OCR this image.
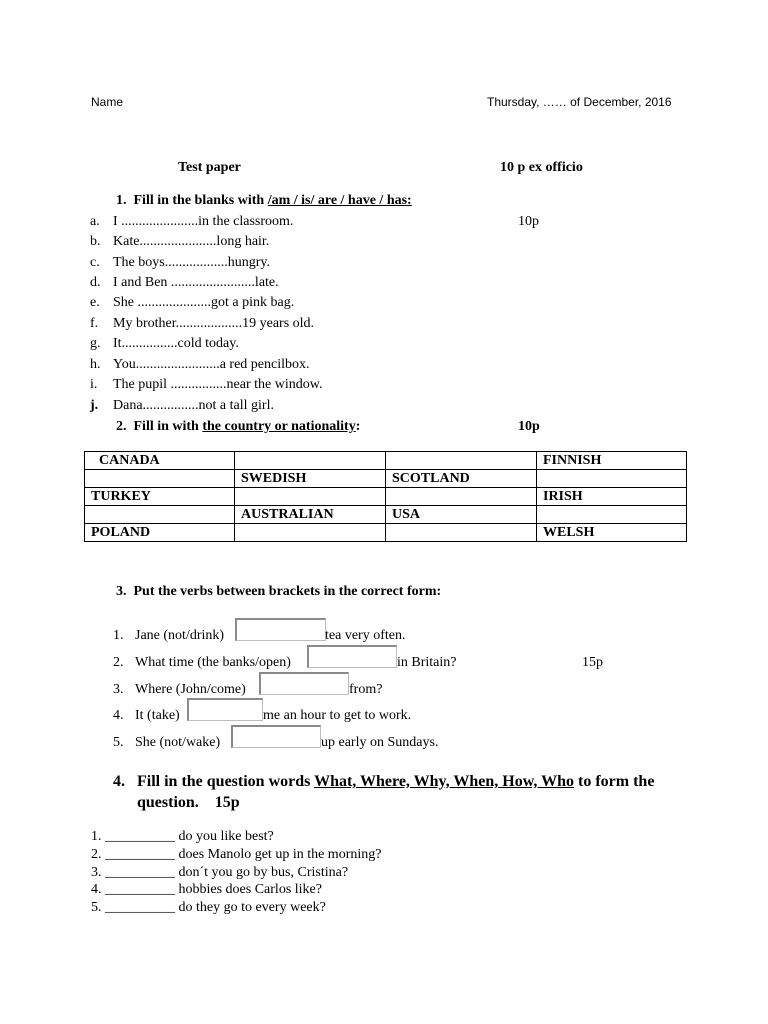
Name	Thursday, …… of December, 2016
Test paper	10 p ex officio
1. Fill in the blanks with /am / is/ are / have / has:
10p
a. I ......................in the classroom.
b. Kate......................long hair.
c. The boys..................hungry.
d. I and Ben ........................late.
e. She .....................got a pink bag.
f. My brother...................19 years old.
g. It................cold today.
h. You........................a red pencilbox.
i. The pupil ................near the window.
j. Dana................not a tall girl.
2. Fill in with the country or nationality:	10p
CANADA			FINNISH
	SWEDISH	SCOTLAND	
TURKEY			IRISH
	AUSTRALIAN	USA	
POLAND			WELSH
3. Put the verbs between brackets in the correct form:
15p
1. Jane (not/drink)	tea very often.
2. What time (the banks/open)	in Britain?
3. Where (John/come)	from?
4. It (take)	me an hour to get to work.
5. She (not/wake)	up early on Sundays.
4. Fill in the question words What, Where, Why, When, How, Who to form the question. 15p
1. __________ do you like best?
2. __________ does Manolo get up in the morning?
3. __________ don´t you go by bus, Cristina?
4. __________ hobbies does Carlos like?
5. __________ do they go to every week?
